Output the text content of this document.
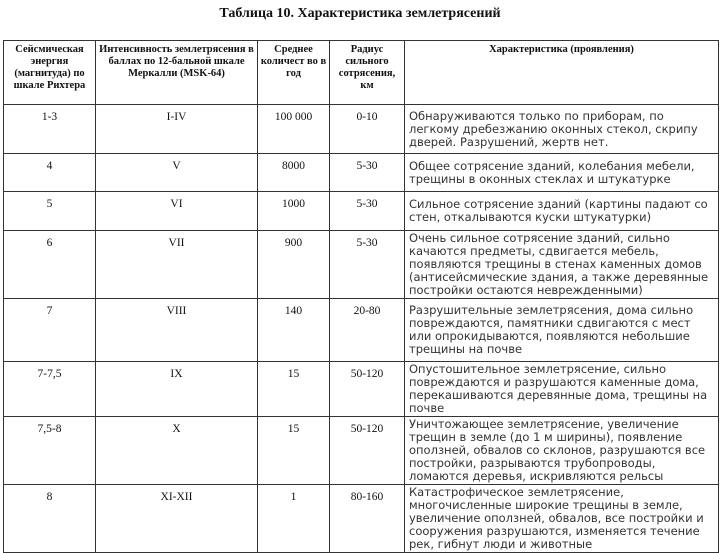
Таблица 10. Характеристика землетрясений
Сейсмическая энергия (магнитуда) по шкале Рихтера	Интенсивность землетрясения в баллах по 12-бальной шкале Меркалли (MSK-64)	Среднее количест во в год	Радиус сильного сотрясения, км	Характеристика (проявления)
1-3	I-IV	100 000	0-10	Обнаруживаются только по приборам, по легкому дребезжанию оконных стекол, скрипу дверей. Разрушений, жертв нет.
4	V	8000	5-30	Общее сотрясение зданий, колебания мебели, трещины в оконных стеклах и штукатурке
5	VI	1000	5-30	Сильное сотрясение зданий (картины падают со стен, откалываются куски штукатурки)
6	VII	900	5-30	Очень сильное сотрясение зданий, сильно качаются предметы, сдвигается мебель, появляются трещины в стенах каменных домов (антисейсмические здания, а также деревянные постройки остаются неврежденными)
7	VIII	140	20-80	Разрушительные землетрясения, дома сильно повреждаются, памятники сдвигаются с мест или опрокидываются, появляются небольшие трещины на почве
7-7,5	IX	15	50-120	Опустошительное землетрясение, сильно повреждаются и разрушаются каменные дома, перекашиваются деревянные дома, трещины на почве
7,5-8	X	15	50-120	Уничтожающее землетрясение, увеличение трещин в земле (до 1 м ширины), появление оползней, обвалов со склонов, разрушаются все постройки, разрываются трубопроводы, ломаются деревья, искривляются рельсы
8	XI-XII	1	80-160	Катастрофическое землетрясение, многочисленные широкие трещины в земле, увеличение оползней, обвалов, все постройки и сооружения разрушаются, изменяется течение рек, гибнут люди и животные
